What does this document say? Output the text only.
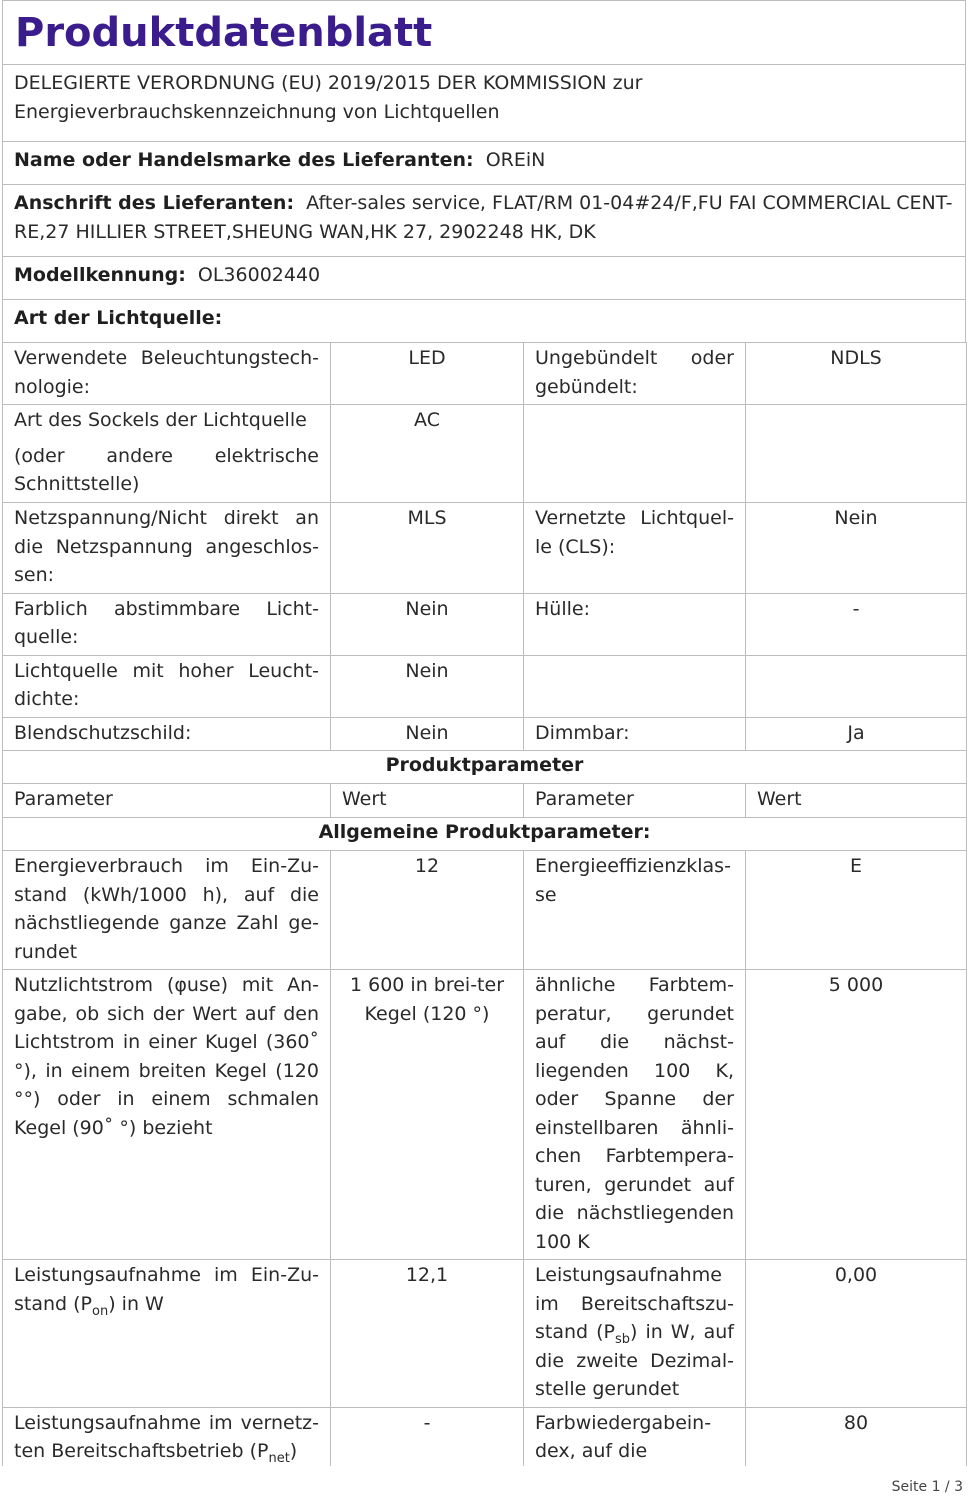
Produktdatenblatt
DELEGIERTE VERORDNUNG (EU) 2019/2015 DER KOMMISSION zur
Energieverbrauchskennzeichnung von Lichtquellen
Name oder Handelsmarke des Lieferanten: OREiN
Anschrift des Lieferanten: After-sales service, FLAT/RM 01-04#24/F,FU FAI COMMERCIAL CENT-
RE,27 HILLIER STREET,SHEUNG WAN,HK 27, 2902248 HK, DK
Modellkennung: OL36002440
Art der Lichtquelle:
Verwendete Beleuchtungstech-nologie:	LED	Ungebündelt oder gebündelt:	NDLS

Art des Sockels der Lichtquelle
(oder andere elektrische Schnittstelle)	AC		
Netzspannung/Nicht direkt an die Netzspannung angeschlos-sen:	MLS	Vernetzte Lichtquel-le (CLS):	Nein
Farblich abstimmbare Licht-quelle:	Nein	Hülle:	-
Lichtquelle mit hoher Leucht-dichte:	Nein		
Blendschutzschild:	Nein	Dimmbar:	Ja
Produktparameter			
Parameter	Wert	Parameter	Wert
Allgemeine Produktparameter:			
Energieverbrauch im Ein-Zu-stand (kWh/1000 h), auf die nächstliegende ganze Zahl ge-rundet	12	Energieeffizienzklas-se	E
Nutzlichtstrom (φuse) mit An-gabe, ob sich der Wert auf den Lichtstrom in einer Kugel (360˚ °), in einem breiten Kegel (120 °°) oder in einem schmalen Kegel (90˚ °) bezieht	1 600 in brei-ter Kegel (120 °)	ähnliche Farbtem-peratur, gerundet auf die nächst-liegenden 100 K, oder Spanne der einstellbaren ähnli-chen Farbtempera-turen, gerundet auf die nächstliegenden 100 K	5 000
Leistungsaufnahme im Ein-Zu-stand $(P_{on})$ in W	12,1	Leistungsaufnahme im Bereitschaftszu-stand $(P_{sb})$ in W, auf die zweite Dezimal-stelle gerundet	0,00
Leistungsaufnahme im vernetz-ten Bereitschaftsbetrieb $(P_{net})$	-	Farbwiedergabein-dex, auf die	80
Seite 1 / 3
